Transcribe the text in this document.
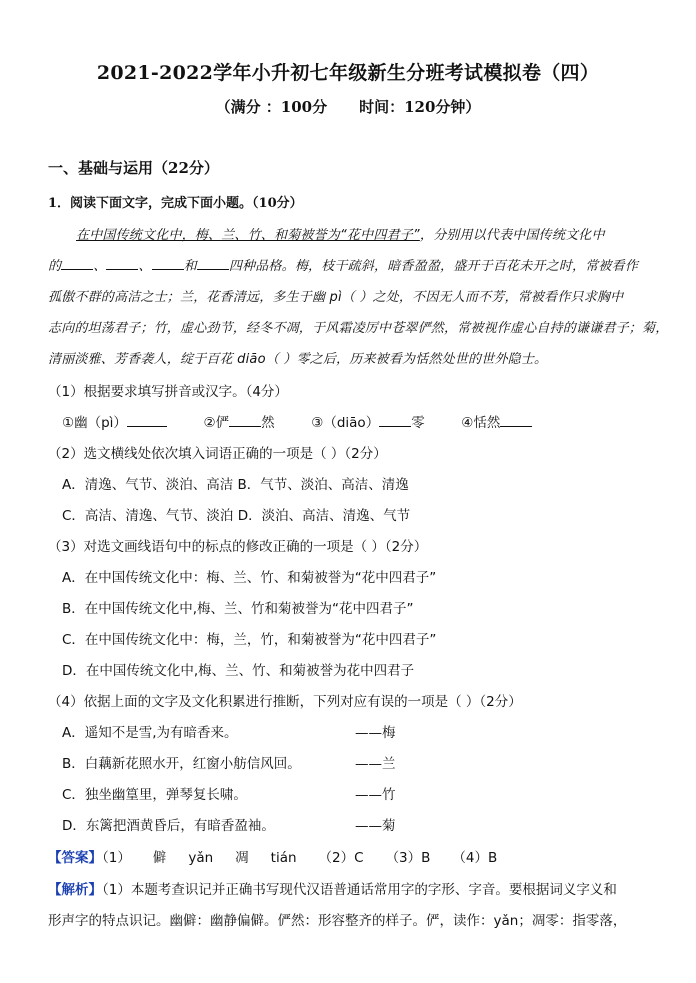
2021-2022学年小升初七年级新生分班考试模拟卷（四）
（满分 ：100分 时间：120分钟）
一、基础与运用（22分）
1．阅读下面文字，完成下面小题。（10分）
在中国传统文化中，梅、兰、竹、和菊被誉为“花中四君子”，分别用以代表中国传统文化中
的 、 、 和 四种品格。梅，枝干疏斜，暗香盈盈，盛开于百花未开之时，常被看作
孤傲不群的高洁之士；兰，花香清远，多生于幽 pì（ ）之处，不因无人而不芳，常被看作只求胸中
志向的坦荡君子；竹，虚心劲节，经冬不凋，于风霜凌厉中苍翠俨然，常被视作虚心自持的谦谦君子；菊，
清丽淡雅、芳香袭人，绽于百花 diāo（ ）零之后，历来被看为恬然处世的世外隐士。
（1）根据要求填写拼音或汉字。（4分）
①幽（pì）	②俨 然	③（diāo） 零	④恬然
（2）选文横线处依次填入词语正确的一项是（ ）（2分）
A．清逸、气节、淡泊、高洁 B．气节、淡泊、高洁、清逸
C．高洁、清逸、气节、淡泊 D．淡泊、高洁、清逸、气节
（3）对选文画线语句中的标点的修改正确的一项是（ ）（2分）
A．在中国传统文化中：梅、兰、竹、和菊被誉为“花中四君子”
B．在中国传统文化中,梅、兰、竹和菊被誉为“花中四君子”
C．在中国传统文化中：梅，兰，竹，和菊被誉为“花中四君子”
D．在中国传统文化中,梅、兰、竹、和菊被誉为花中四君子
（4）依据上面的文字及文化积累进行推断，下列对应有误的一项是（ ）（2分）
A．遥知不是雪,为有暗香来。	——梅
B．白藕新花照水开，红窗小舫信风回。	——兰
C．独坐幽篁里，弹琴复长啸。	——竹
D．东篱把酒黄昏后，有暗香盈袖。	——菊
【答案】（1） 僻 yǎn 凋 tián （2）C （3）B （4）B
【解析】（1）本题考查识记并正确书写现代汉语普通话常用字的字形、字音。要根据词义字义和
形声字的特点识记。幽僻：幽静偏僻。俨然：形容整齐的样子。俨，读作：yǎn；凋零：指零落，
